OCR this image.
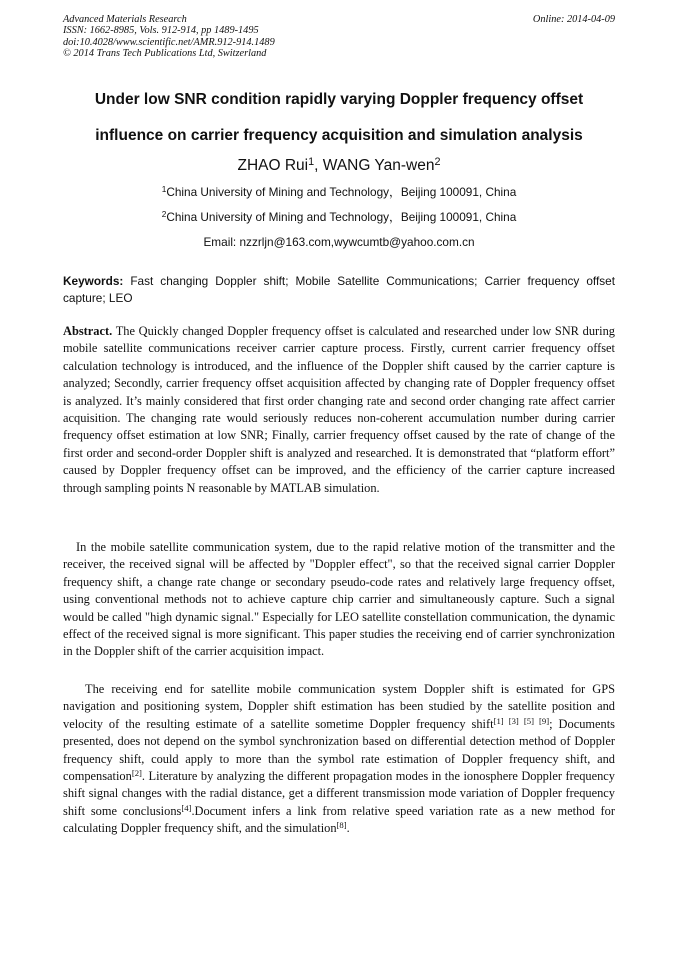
Advanced Materials Research
ISSN: 1662-8985, Vols. 912-914, pp 1489-1495
doi:10.4028/www.scientific.net/AMR.912-914.1489
© 2014 Trans Tech Publications Ltd, Switzerland
Online: 2014-04-09
Under low SNR condition rapidly varying Doppler frequency offset
influence on carrier frequency acquisition and simulation analysis
ZHAO Rui$^1$, WANG Yan-wen$^2$
$^1$China University of Mining and Technology，Beijing 100091, China
$^2$China University of Mining and Technology，Beijing 100091, China
Email: nzzrljn@163.com,wywcumtb@yahoo.com.cn
Keywords: Fast changing Doppler shift; Mobile Satellite Communications; Carrier frequency offset capture; LEO
Abstract. The Quickly changed Doppler frequency offset is calculated and researched under low SNR during mobile satellite communications receiver carrier capture process. Firstly, current carrier frequency offset calculation technology is introduced, and the influence of the Doppler shift caused by the carrier capture is analyzed; Secondly, carrier frequency offset acquisition affected by changing rate of Doppler frequency offset is analyzed. It’s mainly considered that first order changing rate and second order changing rate affect carrier acquisition. The changing rate would seriously reduces non-coherent accumulation number during carrier frequency offset estimation at low SNR; Finally, carrier frequency offset caused by the rate of change of the first order and second-order Doppler shift is analyzed and researched. It is demonstrated that “platform effort” caused by Doppler frequency offset can be improved, and the efficiency of the carrier capture increased through sampling points N reasonable by MATLAB simulation.
In the mobile satellite communication system, due to the rapid relative motion of the transmitter and the receiver, the received signal will be affected by "Doppler effect", so that the received signal carrier Doppler frequency shift, a change rate change or secondary pseudo-code rates and relatively large frequency offset, using conventional methods not to achieve capture chip carrier and simultaneously capture. Such a signal would be called "high dynamic signal." Especially for LEO satellite constellation communication, the dynamic effect of the received signal is more significant. This paper studies the receiving end of carrier synchronization in the Doppler shift of the carrier acquisition impact.
The receiving end for satellite mobile communication system Doppler shift is estimated for GPS navigation and positioning system, Doppler shift estimation has been studied by the satellite position and velocity of the resulting estimate of a satellite sometime Doppler frequency shift[1] [3] [5] [9]; Documents presented, does not depend on the symbol synchronization based on differential detection method of Doppler frequency shift, could apply to more than the symbol rate estimation of Doppler frequency shift, and compensation[2]. Literature by analyzing the different propagation modes in the ionosphere Doppler frequency shift signal changes with the radial distance, get a different transmission mode variation of Doppler frequency shift some conclusions[4].Document infers a link from relative speed variation rate as a new method for calculating Doppler frequency shift, and the simulation[8].
